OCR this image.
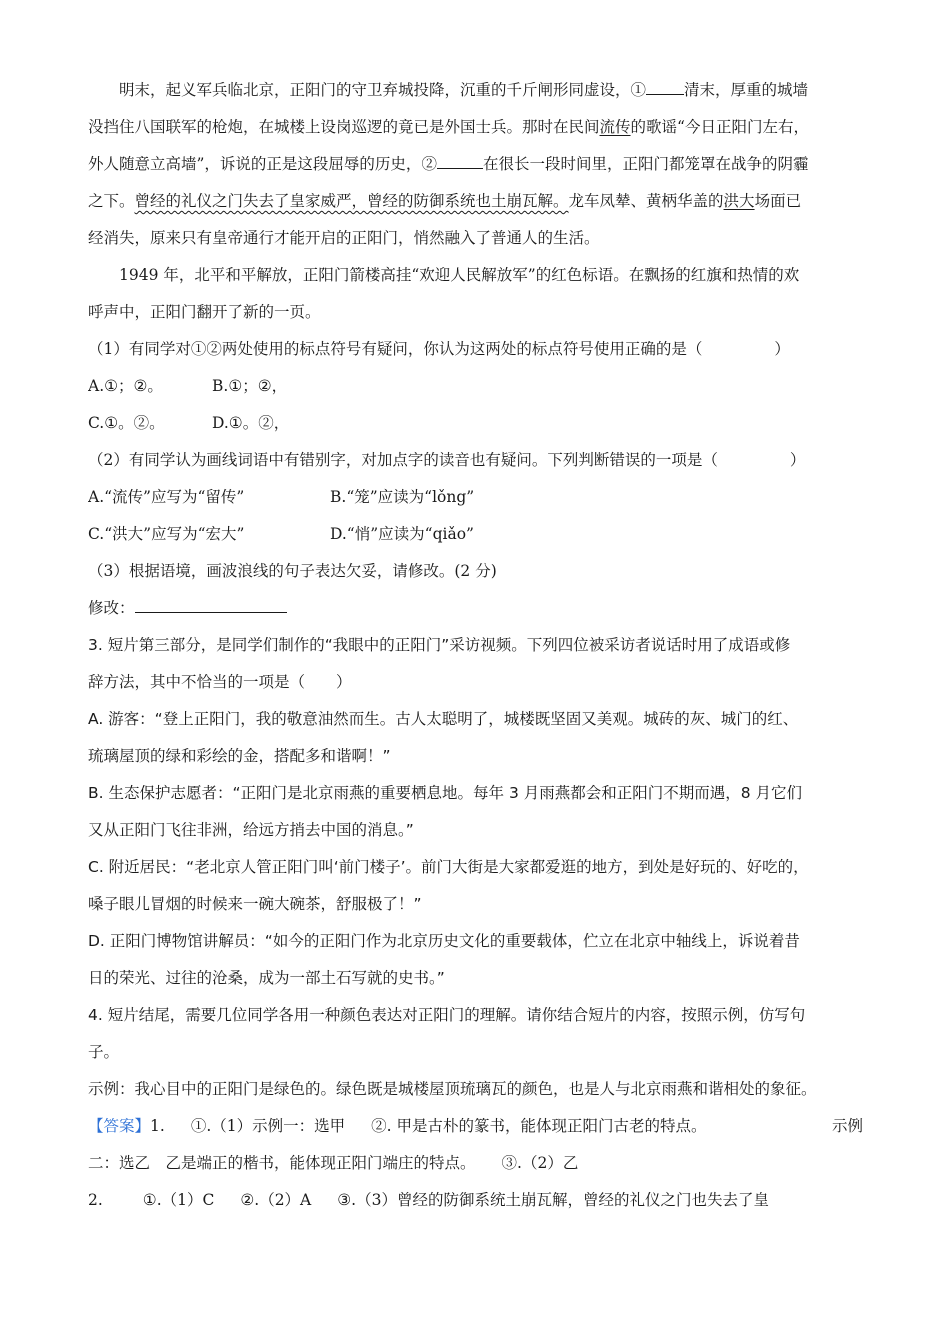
明末，起义军兵临北京，正阳门的守卫弃城投降，沉重的千斤闸形同虚设，① 清末，厚重的城墙
没挡住八国联军的枪炮，在城楼上设岗巡逻的竟已是外国士兵。那时在民间流传的歌谣“今日正阳门左右，
外人随意立高墙”，诉说的正是这段屈辱的历史，②	在很长一段时间里，正阳门都笼罩在战争的阴霾
之下。曾经的礼仪之门失去了皇家威严，曾经的防御系统也土崩瓦解。龙车凤辇、黄柄华盖的洪大场面已
经消失，原来只有皇帝通行才能开启的正阳门，悄然融入了普通人的生活。
1949 年，北平和平解放，正阳门箭楼高挂“欢迎人民解放军”的红色标语。在飘扬的红旗和热情的欢
呼声中，正阳门翻开了新的一页。
（1）有同学对①②两处使用的标点符号有疑问，你认为这两处的标点符号使用正确的是（	）
A.①；②。	B.①；②，
C.①。②。	D.①。②，
（2）有同学认为画线词语中有错别字，对加点字的读音也有疑问。下列判断错误的一项是（	）
A.“流传”应写为“留传”	B.“笼”应读为“lǒng”
C.“洪大”应写为“宏大”	D.“悄”应读为“qiǎo”
（3）根据语境，画波浪线的句子表达欠妥，请修改。(2 分)
修改：
3. 短片第三部分，是同学们制作的“我眼中的正阳门”采访视频。下列四位被采访者说话时用了成语或修
辞方法，其中不恰当的一项是（　　）
A. 游客：“登上正阳门，我的敬意油然而生。古人太聪明了，城楼既坚固又美观。城砖的灰、城门的红、
琉璃屋顶的绿和彩绘的金，搭配多和谐啊！”
B. 生态保护志愿者：“正阳门是北京雨燕的重要栖息地。每年 3 月雨燕都会和正阳门不期而遇，8 月它们
又从正阳门飞往非洲，给远方捎去中国的消息。”
C. 附近居民：“老北京人管正阳门叫‘前门楼子’。前门大街是大家都爱逛的地方，到处是好玩的、好吃的，
嗓子眼儿冒烟的时候来一碗大碗茶，舒服极了！”
D. 正阳门博物馆讲解员：“如今的正阳门作为北京历史文化的重要载体，伫立在北京中轴线上，诉说着昔
日的荣光、过往的沧桑，成为一部土石写就的史书。”
4. 短片结尾，需要几位同学各用一种颜色表达对正阳门的理解。请你结合短片的内容，按照示例，仿写句
子。
示例：我心目中的正阳门是绿色的。绿色既是城楼屋顶琉璃瓦的颜色，也是人与北京雨燕和谐相处的象征。
【答案】1. ①.（1）示例一：选甲 ②. 甲是古朴的篆书，能体现正阳门古老的特点。	示例
二：选乙　乙是端正的楷书，能体现正阳门端庄的特点。 ③.（2）乙
2.	①.（1）C ②.（2）A ③.（3）曾经的防御系统土崩瓦解，曾经的礼仪之门也失去了皇
